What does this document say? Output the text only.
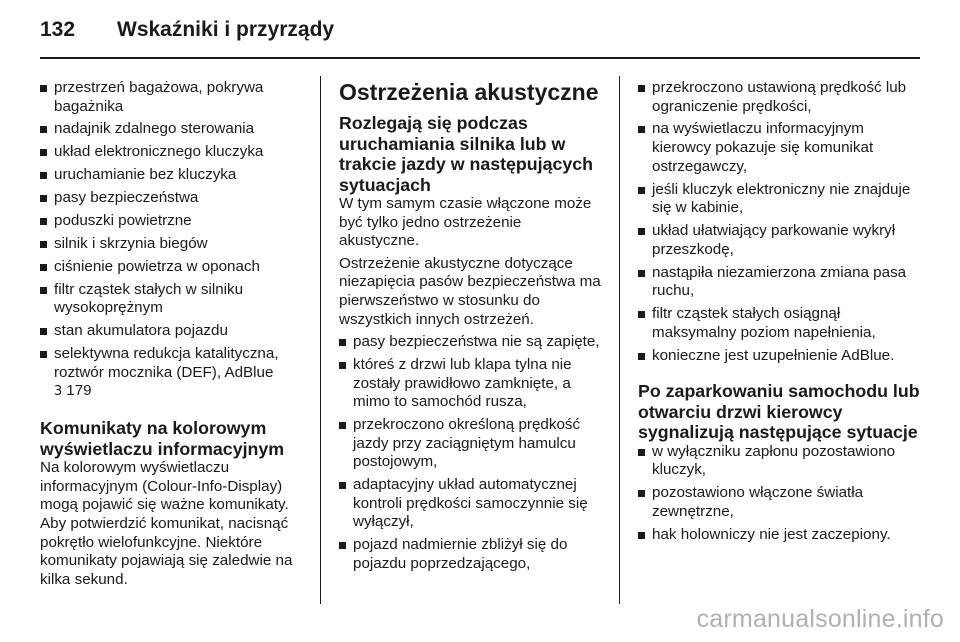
132 Wskaźniki i przyrządy
przestrzeń bagażowa, pokrywa bagażnika
nadajnik zdalnego sterowania
układ elektronicznego kluczyka
uruchamianie bez kluczyka
pasy bezpieczeństwa
poduszki powietrzne
silnik i skrzynia biegów
ciśnienie powietrza w oponach
filtr cząstek stałych w silniku wysokoprężnym
stan akumulatora pojazdu
selektywna redukcja katalityczna, roztwór mocznika (DEF), AdBlue
3 179
Komunikaty na kolorowym wyświetlaczu informacyjnym

Na kolorowym wyświetlaczu informacyjnym (Colour-Info-Display) mogą pojawić się ważne komunikaty. Aby potwierdzić komunikat, nacisnąć pokrętło wielofunkcyjne. Niektóre komunikaty pojawiają się zaledwie na kilka sekund.

Ostrzeżenia akustyczne
Rozlegają się podczas uruchamiania silnika lub w trakcie jazdy w następujących sytuacjach

W tym samym czasie włączone może być tylko jedno ostrzeżenie akustyczne.

Ostrzeżenie akustyczne dotyczące niezapięcia pasów bezpieczeństwa ma pierwszeństwo w stosunku do wszystkich innych ostrzeżeń.

pasy bezpieczeństwa nie są zapięte,
któreś z drzwi lub klapa tylna nie zostały prawidłowo zamknięte, a mimo to samochód rusza,
przekroczono określoną prędkość jazdy przy zaciągniętym hamulcu postojowym,
adaptacyjny układ automatycznej kontroli prędkości samoczynnie się wyłączył,
pojazd nadmiernie zbliżył się do pojazdu poprzedzającego,
przekroczono ustawioną prędkość lub ograniczenie prędkości,
na wyświetlaczu informacyjnym kierowcy pokazuje się komunikat ostrzegawczy,
jeśli kluczyk elektroniczny nie znajduje się w kabinie,
układ ułatwiający parkowanie wykrył przeszkodę,
nastąpiła niezamierzona zmiana pasa ruchu,
filtr cząstek stałych osiągnął maksymalny poziom napełnienia,
konieczne jest uzupełnienie AdBlue.
Po zaparkowaniu samochodu lub otwarciu drzwi kierowcy sygnalizują następujące sytuacje
w wyłączniku zapłonu pozostawiono kluczyk,
pozostawiono włączone światła zewnętrzne,
hak holowniczy nie jest zaczepiony.
carmanualsonline.info
